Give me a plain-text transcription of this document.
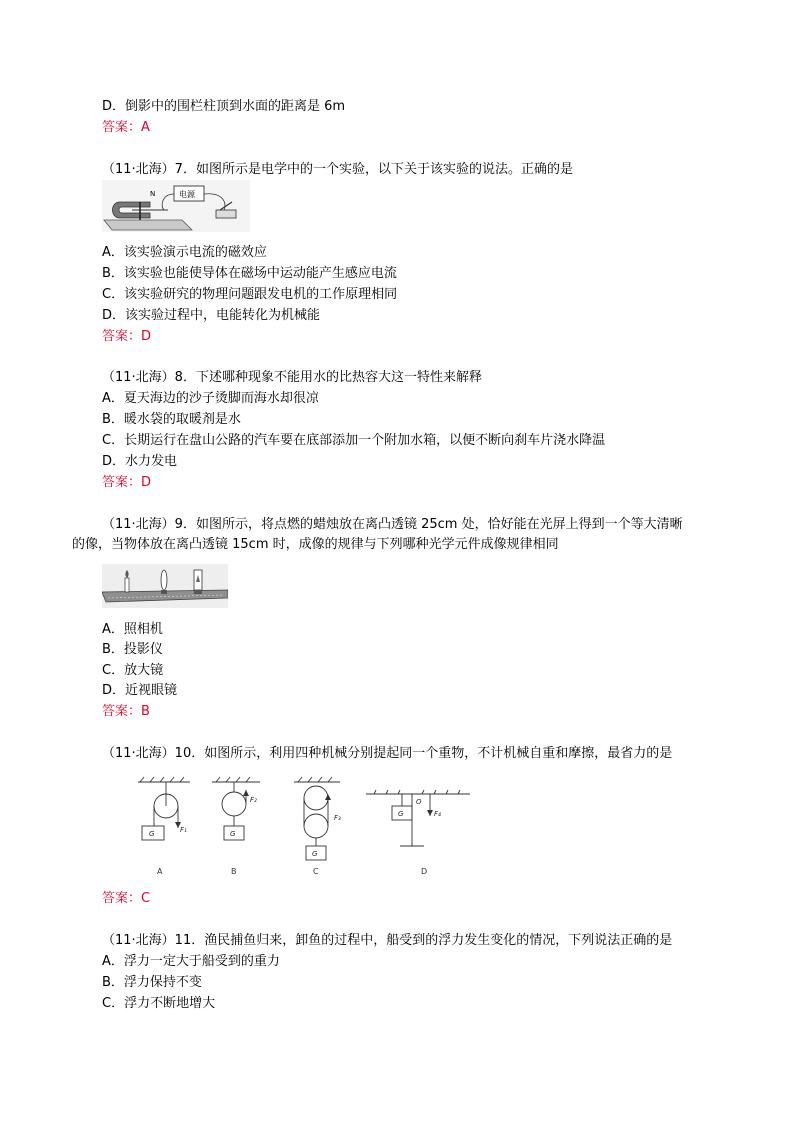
D．倒影中的围栏柱顶到水面的距离是 6m
答案：A
（11·北海）7．如图所示是电学中的一个实验，以下关于该实验的说法。正确的是
N	电源
A．该实验演示电流的磁效应
B．该实验也能使导体在磁场中运动能产生感应电流
C．该实验研究的物理问题跟发电机的工作原理相同
D．该实验过程中，电能转化为机械能
答案：D
（11·北海）8．下述哪种现象不能用水的比热容大这一特性来解释
A．夏天海边的沙子烫脚而海水却很凉
B．暖水袋的取暖剂是水
C．长期运行在盘山公路的汽车要在底部添加一个附加水箱，以便不断向刹车片浇水降温
D．水力发电
答案：D
（11·北海）9．如图所示，将点燃的蜡烛放在离凸透镜 25cm 处，恰好能在光屏上得到一个等大清晰
的像，当物体放在离凸透镜 15cm 时，成像的规律与下列哪种光学元件成像规律相同
A．照相机
B．投影仪
C．放大镜
D．近视眼镜
答案：B
（11·北海）10．如图所示，利用四种机械分别提起同一个重物，不计机械自重和摩擦，最省力的是
G	F₁	G
F₂
G
F₃	G
O
F₄
A	B	C	D
答案：C
（11·北海）11．渔民捕鱼归来，卸鱼的过程中，船受到的浮力发生变化的情况，下列说法正确的是
A．浮力一定大于船受到的重力
B．浮力保持不变
C．浮力不断地增大
